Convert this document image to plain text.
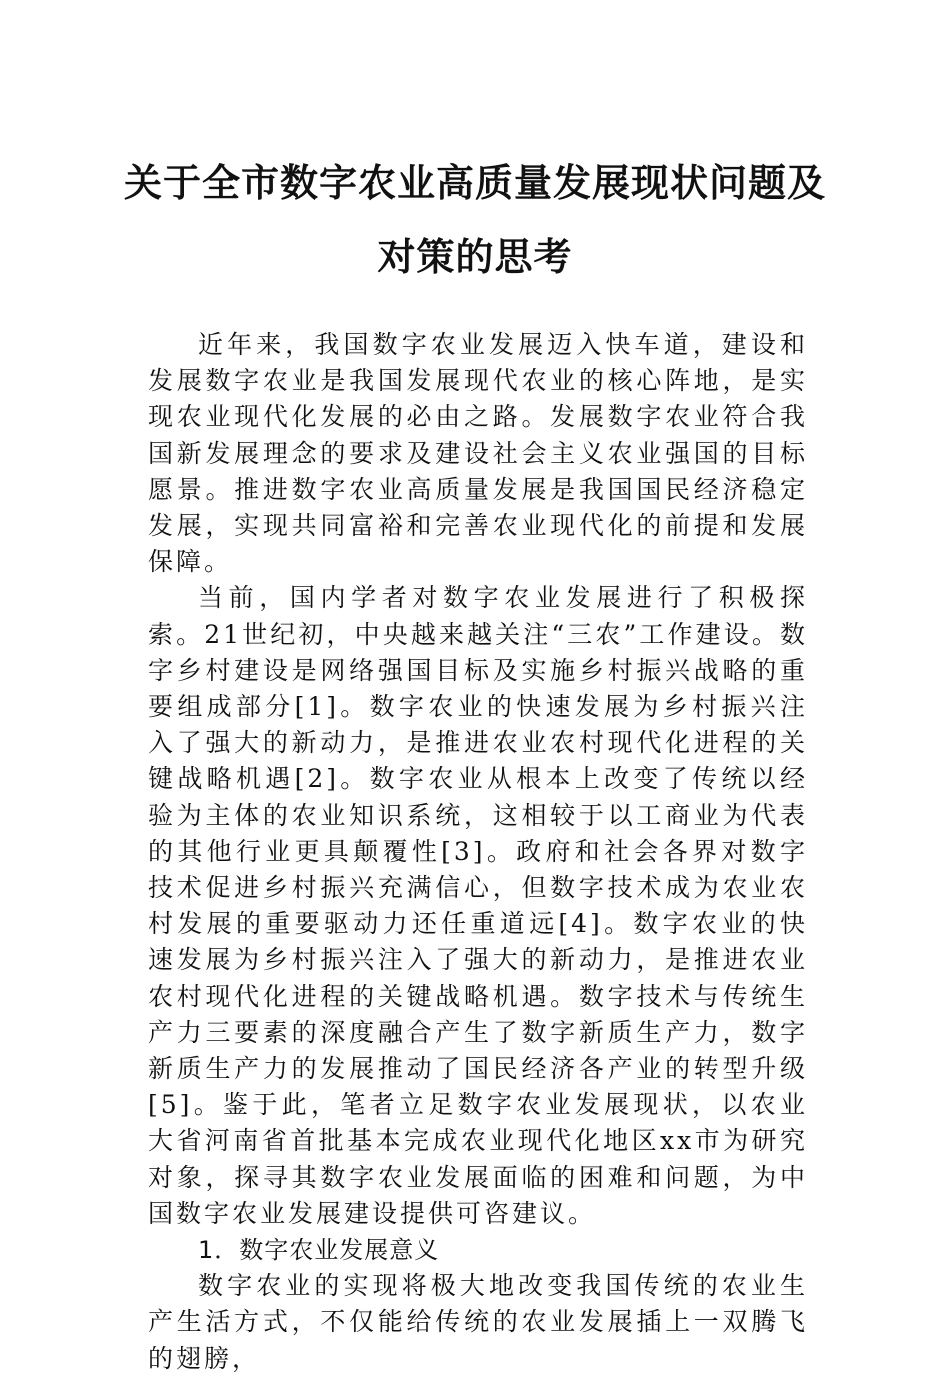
关于全市数字农业高质量发展现状问题及
对策的思考

近年来，我国数字农业发展迈入快车道，建设和发展数字农业是我国发展现代农业的核心阵地，是实现农业现代化发展的必由之路。发展数字农业符合我国新发展理念的要求及建设社会主义农业强国的目标愿景。推进数字农业高质量发展是我国国民经济稳定发展，实现共同富裕和完善农业现代化的前提和发展保障。

当前，国内学者对数字农业发展进行了积极探索。21世纪初，中央越来越关注“三农”工作建设。数字乡村建设是网络强国目标及实施乡村振兴战略的重要组成部分[1]。数字农业的快速发展为乡村振兴注入了强大的新动力，是推进农业农村现代化进程的关键战略机遇[2]。数字农业从根本上改变了传统以经验为主体的农业知识系统，这相较于以工商业为代表的其他行业更具颠覆性[3]。政府和社会各界对数字技术促进乡村振兴充满信心，但数字技术成为农业农村发展的重要驱动力还任重道远[4]。数字农业的快速发展为乡村振兴注入了强大的新动力，是推进农业农村现代化进程的关键战略机遇。数字技术与传统生产力三要素的深度融合产生了数字新质生产力，数字新质生产力的发展推动了国民经济各产业的转型升级[5]。鉴于此，笔者立足数字农业发展现状，以农业大省河南省首批基本完成农业现代化地区xx市为研究对象，探寻其数字农业发展面临的困难和问题，为中国数字农业发展建设提供可咨建议。

1．数字农业发展意义

数字农业的实现将极大地改变我国传统的农业生产生活方式，不仅能给传统的农业发展插上一双腾飞的翅膀，
